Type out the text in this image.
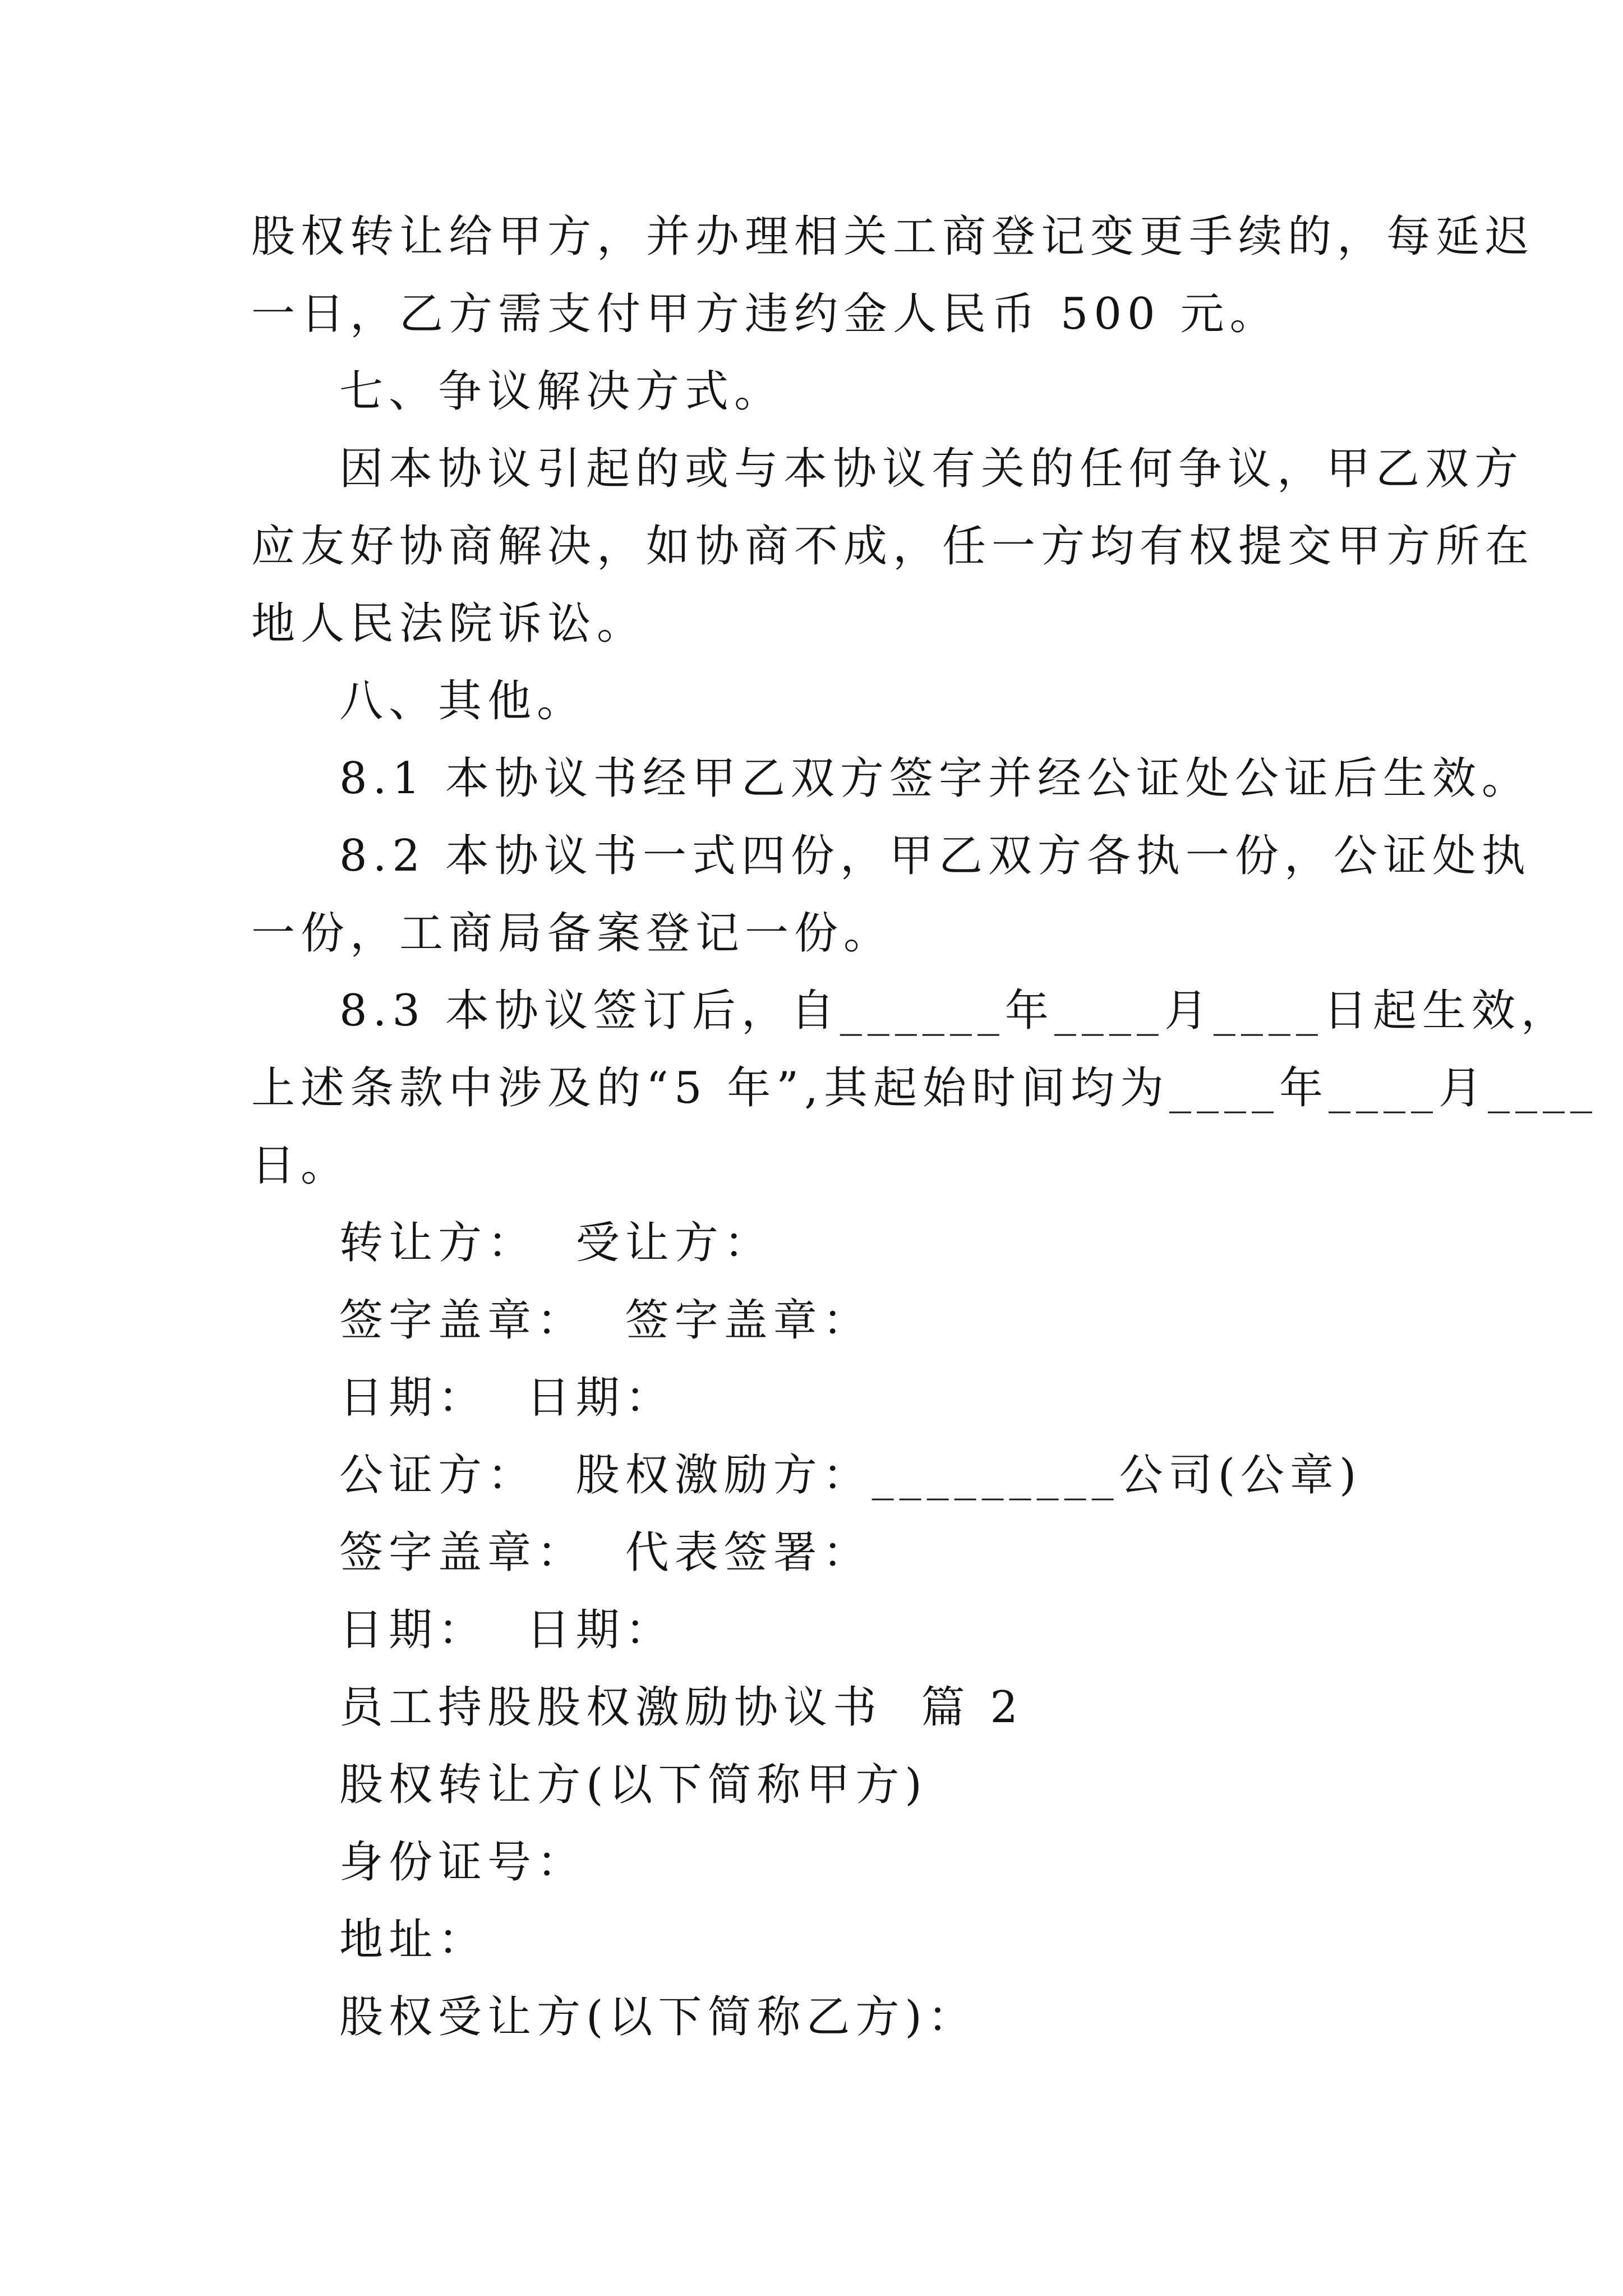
股权转让给甲方，并办理相关工商登记变更手续的，每延迟
一日，乙方需支付甲方违约金人民币 500 元。
七、争议解决方式。
因本协议引起的或与本协议有关的任何争议，甲乙双方
应友好协商解决，如协商不成，任一方均有权提交甲方所在
地人民法院诉讼。
八、其他。
8.1 本协议书经甲乙双方签字并经公证处公证后生效。
8.2 本协议书一式四份，甲乙双方各执一份，公证处执
一份，工商局备案登记一份。
8.3 本协议签订后，自______年____月____日起生效，
上述条款中涉及的“5 年”,其起始时间均为____年____月____
日。
转让方：  受让方：
签字盖章：  签字盖章：
日期：  日期：
公证方：  股权激励方：_________公司(公章)
签字盖章：  代表签署：
日期：  日期：
员工持股股权激励协议书  篇 2
股权转让方(以下简称甲方)
身份证号：
地址：
股权受让方(以下简称乙方)：
